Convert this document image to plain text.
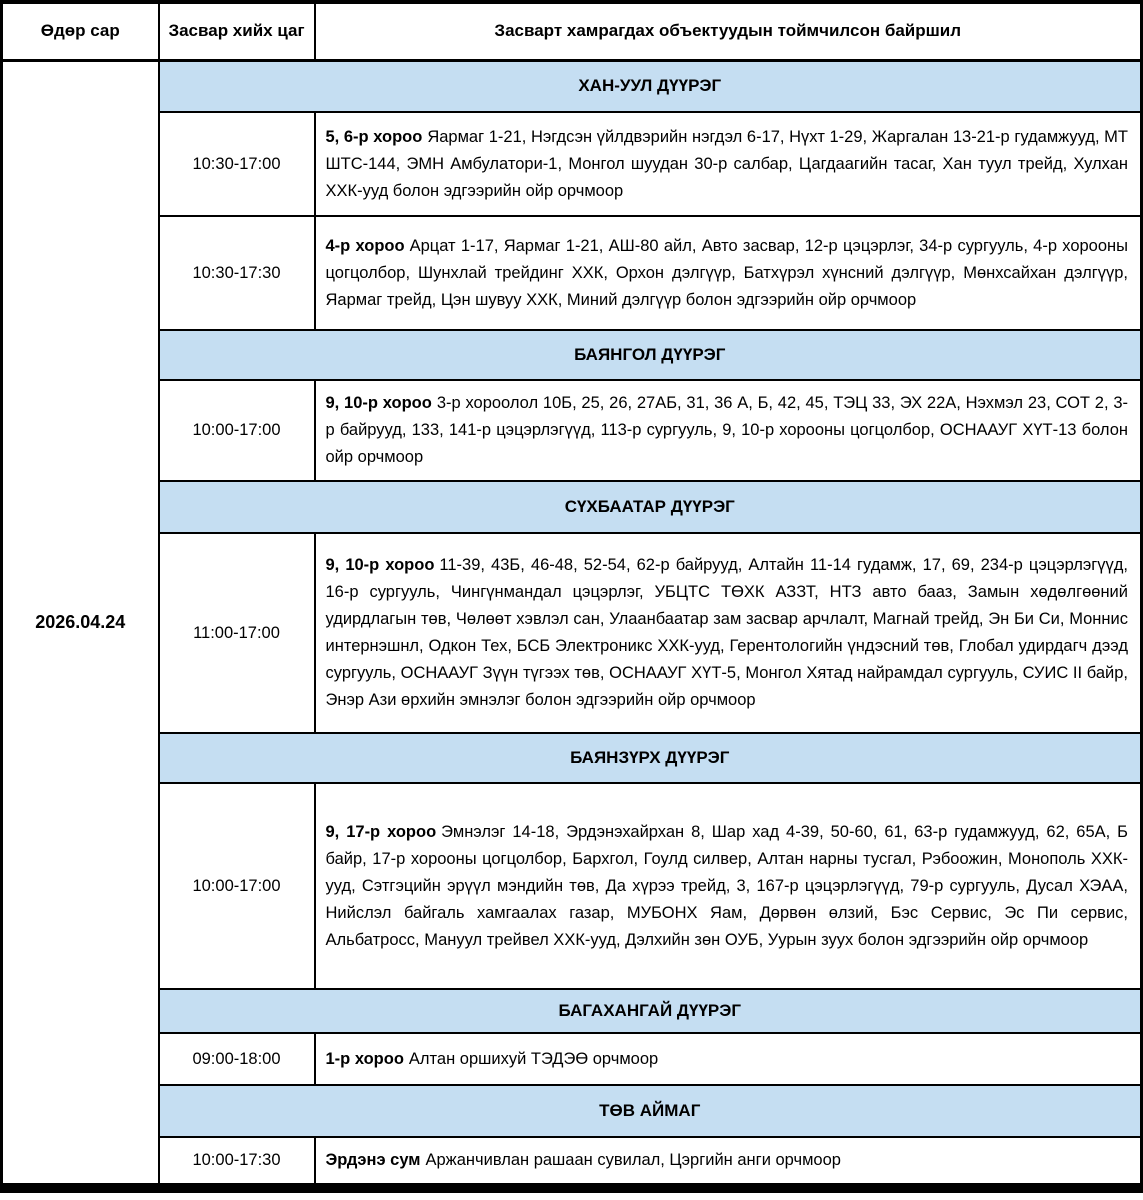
Өдөр сар	Засвар хийх цаг	Засварт хамрагдах объектуудын тоймчилсон байршил
2026.04.24	ХАН-УУЛ ДҮҮРЭГ	
	10:30-17:00	5, 6-р хороо Яармаг 1-21, Нэгдсэн үйлдвэрийн нэгдэл 6-17, Нүхт 1-29, Жаргалан 13-21-р гудамжууд, МТ ШТС-144, ЭМН Амбулатори-1, Монгол шуудан 30-р салбар, Цагдаагийн тасаг, Хан туул трейд, Хулхан ХХК-ууд болон эдгээрийн ойр орчмоор
	10:30-17:30	4-р хороо Арцат 1-17, Яармаг 1-21, АШ-80 айл, Авто засвар, 12-р цэцэрлэг, 34-р сургууль, 4-р хорооны цогцолбор, Шунхлай трейдинг ХХК, Орхон дэлгүүр, Батхүрэл хүнсний дэлгүүр, Мөнхсайхан дэлгүүр, Яармаг трейд, Цэн шувуу ХХК, Миний дэлгүүр болон эдгээрийн ойр орчмоор
	БАЯНГОЛ ДҮҮРЭГ	
	10:00-17:00	9, 10-р хороо 3-р хороолол 10Б, 25, 26, 27АБ, 31, 36 А, Б, 42, 45, ТЭЦ 33, ЭХ 22А, Нэхмэл 23, СОТ 2, 3-р байрууд, 133, 141-р цэцэрлэгүүд, 113-р сургууль, 9, 10-р хорооны цогцолбор, ОСНААУГ ХҮТ-13 болон ойр орчмоор
	СҮХБААТАР ДҮҮРЭГ	
	11:00-17:00	9, 10-р хороо 11-39, 43Б, 46-48, 52-54, 62-р байрууд, Алтайн 11-14 гудамж, 17, 69, 234-р цэцэрлэгүүд, 16-р сургууль, Чингүнмандал цэцэрлэг, УБЦТС ТӨХК АЗЗТ, НТЗ авто бааз, Замын хөдөлгөөний удирдлагын төв, Чөлөөт хэвлэл сан, Улаанбаатар зам засвар арчлалт, Магнай трейд, Эн Би Си, Моннис интернэшнл, Одкон Тех, БСБ Электроникс ХХК-ууд, Герентологийн үндэсний төв, Глобал удирдагч дээд сургууль, ОСНААУГ Зүүн түгээх төв, ОСНААУГ ХҮТ-5, Монгол Хятад найрамдал сургууль, СУИС II байр, Энэр Ази өрхийн эмнэлэг болон эдгээрийн ойр орчмоор
	БАЯНЗҮРХ ДҮҮРЭГ	
	10:00-17:00	9, 17-р хороо Эмнэлэг 14-18, Эрдэнэхайрхан 8, Шар хад 4-39, 50-60, 61, 63-р гудамжууд, 62, 65А, Б байр, 17-р хорооны цогцолбор, Бархгол, Гоулд силвер, Алтан нарны тусгал, Рэбоожин, Монополь ХХК-ууд, Сэтгэцийн эрүүл мэндийн төв, Да хүрээ трейд, 3, 167-р цэцэрлэгүүд, 79-р сургууль, Дусал ХЭАА, Нийслэл байгаль хамгаалах газар, МУБОНХ Яам, Дөрвөн өлзий, Бэс Сервис, Эс Пи сервис, Альбатросс, Мануул трейвел ХХК-ууд, Дэлхийн зөн ОУБ, Уурын зуух болон эдгээрийн ойр орчмоор
	БАГАХАНГАЙ ДҮҮРЭГ	
	09:00-18:00	1-р хороо Алтан оршихуй ТЭДЭӨ орчмоор
	ТӨВ АЙМАГ	
	10:00-17:30	Эрдэнэ сум Аржанчивлан рашаан сувилал, Цэргийн анги орчмоор
